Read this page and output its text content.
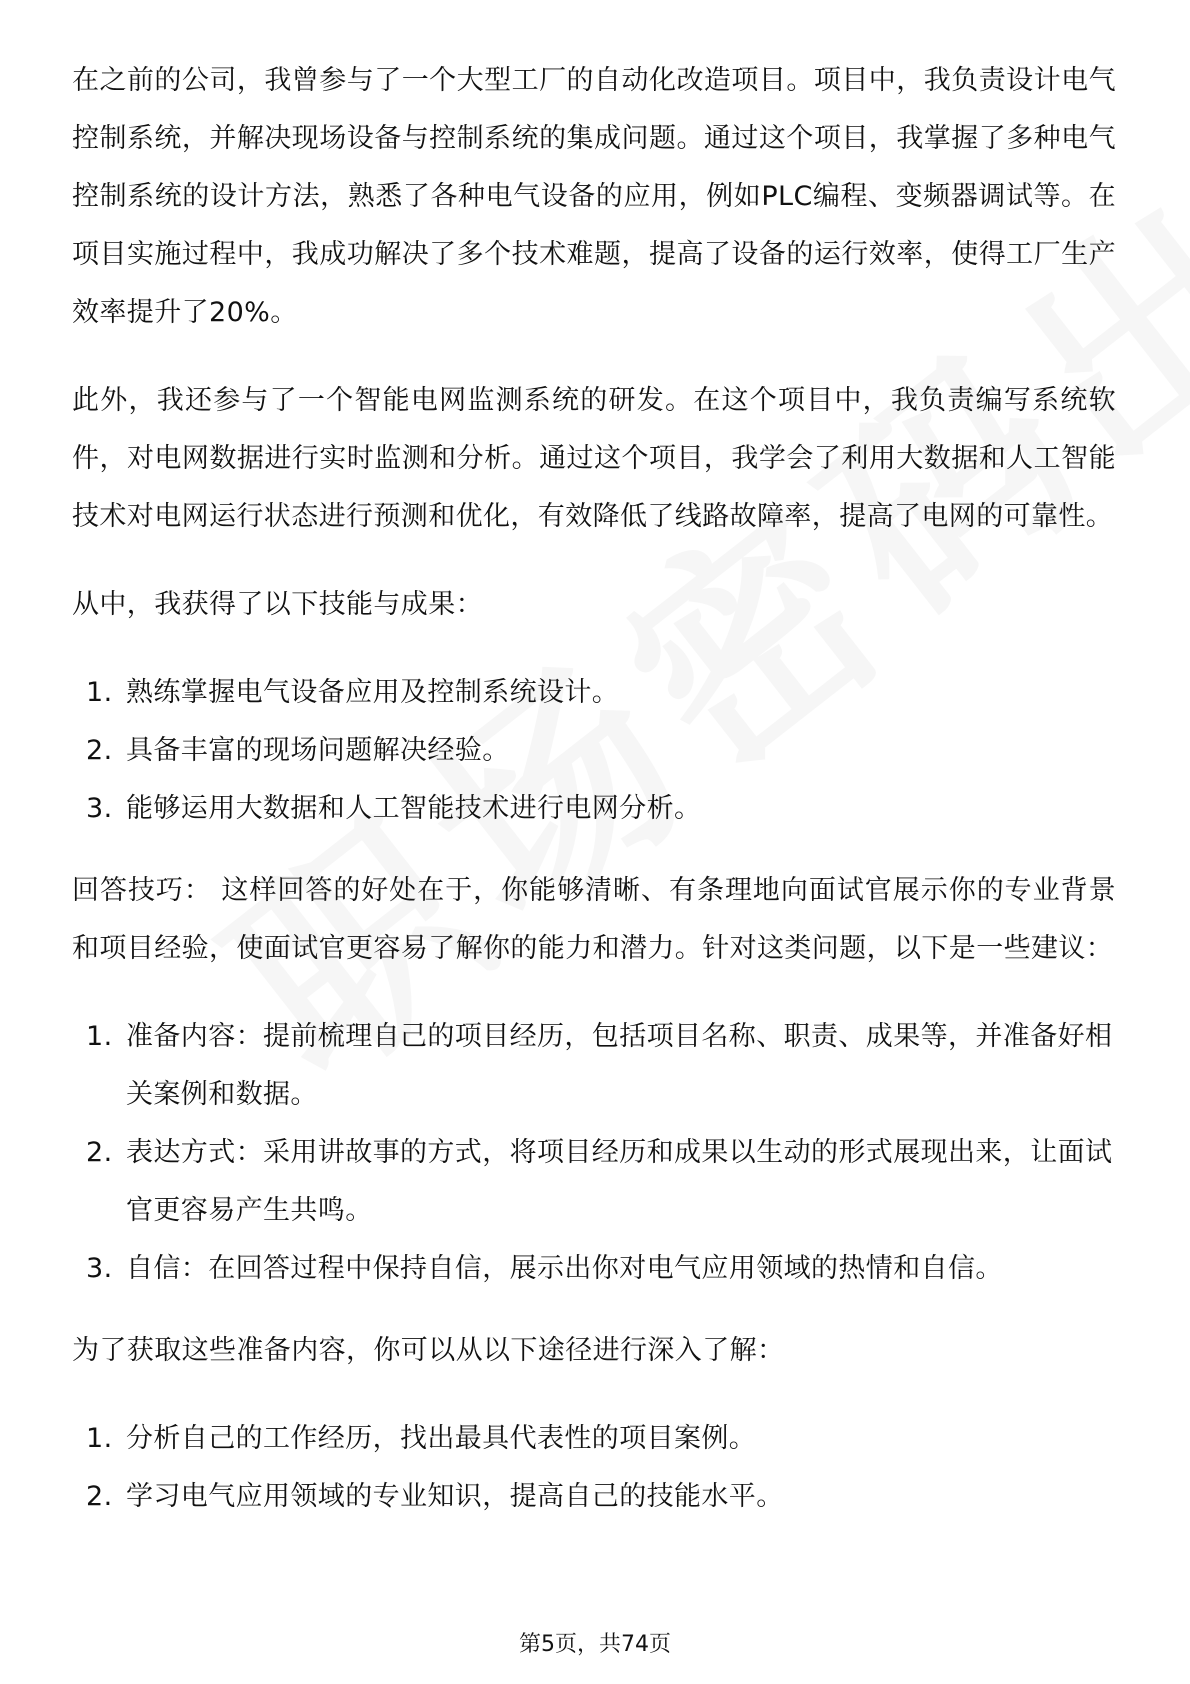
在之前的公司，我曾参与了一个大型工厂的自动化改造项目。项目中，我负责设计电气控制系统，并解决现场设备与控制系统的集成问题。通过这个项目，我掌握了多种电气控制系统的设计方法，熟悉了各种电气设备的应用，例如PLC编程、变频器调试等。在项目实施过程中，我成功解决了多个技术难题，提高了设备的运行效率，使得工厂生产效率提升了20%。

此外，我还参与了一个智能电网监测系统的研发。在这个项目中，我负责编写系统软件，对电网数据进行实时监测和分析。通过这个项目，我学会了利用大数据和人工智能技术对电网运行状态进行预测和优化，有效降低了线路故障率，提高了电网的可靠性。

从中，我获得了以下技能与成果：

1. 熟练掌握电气设备应用及控制系统设计。
2. 具备丰富的现场问题解决经验。
3. 能够运用大数据和人工智能技术进行电网分析。

回答技巧： 这样回答的好处在于，你能够清晰、有条理地向面试官展示你的专业背景和项目经验，使面试官更容易了解你的能力和潜力。针对这类问题，以下是一些建议：

1. 准备内容：提前梳理自己的项目经历，包括项目名称、职责、成果等，并准备好相关案例和数据。
2. 表达方式：采用讲故事的方式，将项目经历和成果以生动的形式展现出来，让面试官更容易产生共鸣。
3. 自信：在回答过程中保持自信，展示出你对电气应用领域的热情和自信。

为了获取这些准备内容，你可以从以下途径进行深入了解：

1. 分析自己的工作经历，找出最具代表性的项目案例。
2. 学习电气应用领域的专业知识，提高自己的技能水平。
第5页，共74页
